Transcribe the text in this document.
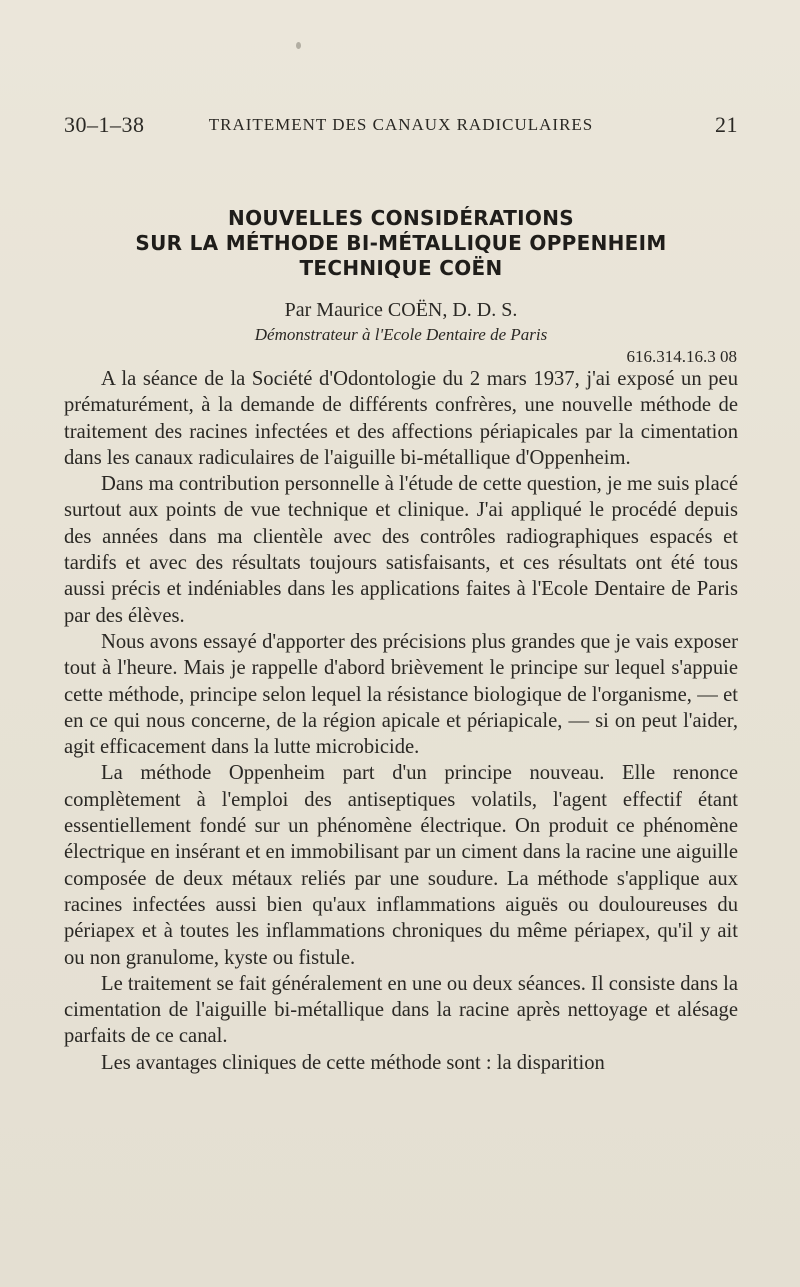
30–1–38	TRAITEMENT DES CANAUX RADICULAIRES	21
NOUVELLES CONSIDÉRATIONS
SUR LA MÉTHODE BI-MÉTALLIQUE OPPENHEIM
TECHNIQUE COËN
Par Maurice COËN, D. D. S.
Démonstrateur à l'Ecole Dentaire de Paris
616.314.16.3 08

A la séance de la Société d'Odontologie du 2 mars 1937, j'ai exposé un peu prématurément, à la demande de différents confrères, une nouvelle méthode de traitement des racines infectées et des affections périapicales par la cimentation dans les canaux radiculaires de l'aiguille bi-métallique d'Oppenheim.

Dans ma contribution personnelle à l'étude de cette question, je me suis placé surtout aux points de vue technique et clinique. J'ai appliqué le procédé depuis des années dans ma clientèle avec des contrôles radiographiques espacés et tardifs et avec des résultats toujours satisfaisants, et ces résultats ont été tous aussi précis et indéniables dans les applications faites à l'Ecole Dentaire de Paris par des élèves.

Nous avons essayé d'apporter des précisions plus grandes que je vais exposer tout à l'heure. Mais je rappelle d'abord brièvement le principe sur lequel s'appuie cette méthode, principe selon lequel la résistance biologique de l'organisme, — et en ce qui nous concerne, de la région apicale et périapicale, — si on peut l'aider, agit efficacement dans la lutte microbicide.

La méthode Oppenheim part d'un principe nouveau. Elle renonce complètement à l'emploi des antiseptiques volatils, l'agent effectif étant essentiellement fondé sur un phénomène électrique. On produit ce phénomène électrique en insérant et en immobilisant par un ciment dans la racine une aiguille composée de deux métaux reliés par une soudure. La méthode s'applique aux racines infectées aussi bien qu'aux inflammations aiguës ou douloureuses du périapex et à toutes les inflammations chroniques du même périapex, qu'il y ait ou non granulome, kyste ou fistule.

Le traitement se fait généralement en une ou deux séances. Il consiste dans la cimentation de l'aiguille bi-métallique dans la racine après nettoyage et alésage parfaits de ce canal.

Les avantages cliniques de cette méthode sont : la disparition
